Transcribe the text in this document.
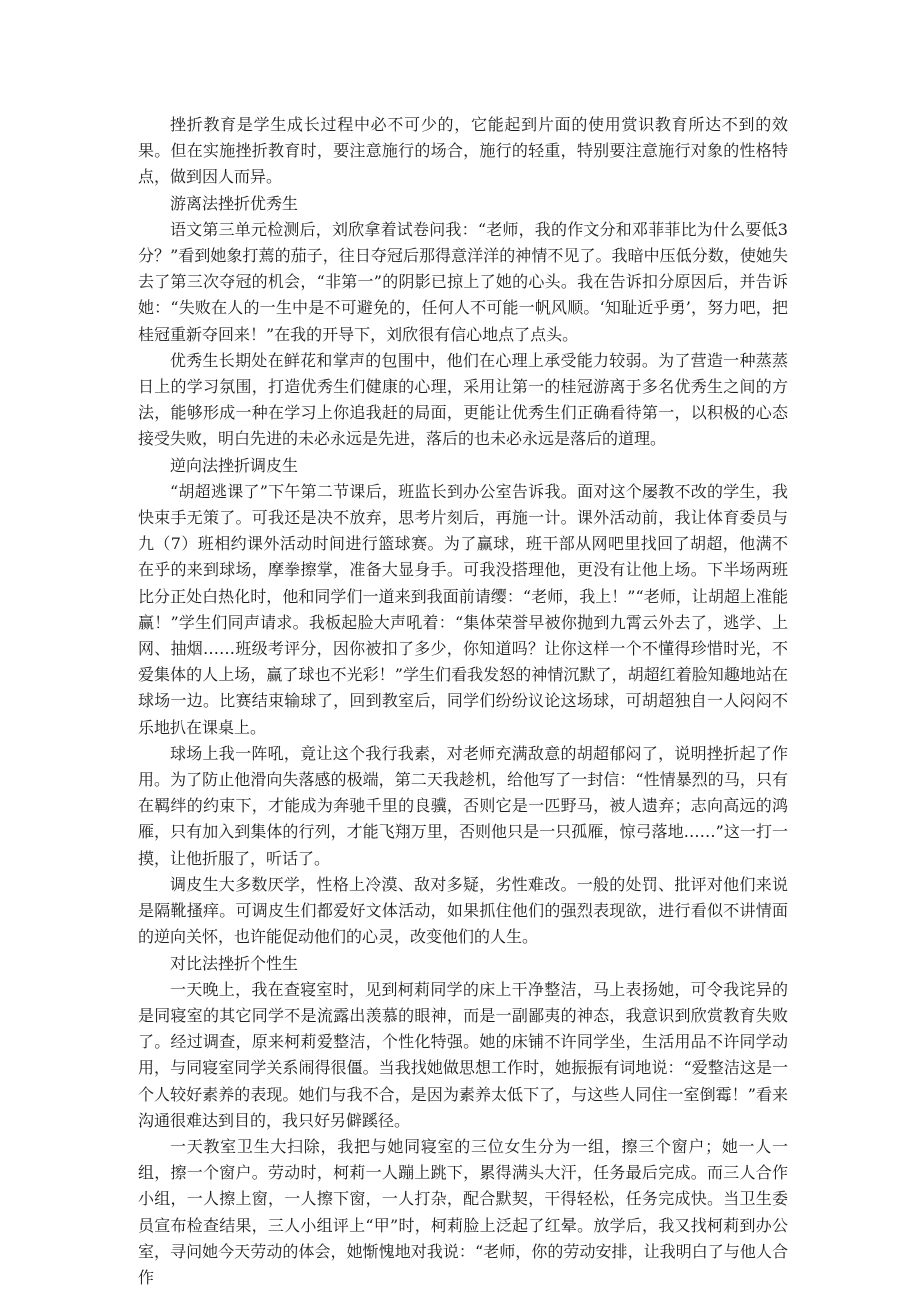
挫折教育是学生成长过程中必不可少的，它能起到片面的使用赏识教育所达不到的效果。但在实施挫折教育时，要注意施行的场合，施行的轻重，特别要注意施行对象的性格特点，做到因人而异。

游离法挫折优秀生

语文第三单元检测后，刘欣拿着试卷问我：“老师，我的作文分和邓菲菲比为什么要低3分？”看到她象打蔫的茄子，往日夺冠后那得意洋洋的神情不见了。我暗中压低分数，使她失去了第三次夺冠的机会，“非第一”的阴影已掠上了她的心头。我在告诉扣分原因后，并告诉她：“失败在人的一生中是不可避免的，任何人不可能一帆风顺。‘知耻近乎勇’，努力吧，把桂冠重新夺回来！”在我的开导下，刘欣很有信心地点了点头。

优秀生长期处在鲜花和掌声的包围中，他们在心理上承受能力较弱。为了营造一种蒸蒸日上的学习氛围，打造优秀生们健康的心理，采用让第一的桂冠游离于多名优秀生之间的方法，能够形成一种在学习上你追我赶的局面，更能让优秀生们正确看待第一，以积极的心态接受失败，明白先进的未必永远是先进，落后的也未必永远是落后的道理。

逆向法挫折调皮生

“胡超逃课了”下午第二节课后，班监长到办公室告诉我。面对这个屡教不改的学生，我快束手无策了。可我还是决不放弃，思考片刻后，再施一计。课外活动前，我让体育委员与九（7）班相约课外活动时间进行篮球赛。为了赢球，班干部从网吧里找回了胡超，他满不在乎的来到球场，摩拳擦掌，准备大显身手。可我没搭理他，更没有让他上场。下半场两班比分正处白热化时，他和同学们一道来到我面前请缨：“老师，我上！”“老师，让胡超上准能赢！”学生们同声请求。我板起脸大声吼着：“集体荣誉早被你抛到九霄云外去了，逃学、上网、抽烟……班级考评分，因你被扣了多少，你知道吗？让你这样一个不懂得珍惜时光，不爱集体的人上场，赢了球也不光彩！”学生们看我发怒的神情沉默了，胡超红着脸知趣地站在球场一边。比赛结束输球了，回到教室后，同学们纷纷议论这场球，可胡超独自一人闷闷不乐地扒在课桌上。

球场上我一阵吼，竟让这个我行我素，对老师充满敌意的胡超郁闷了，说明挫折起了作用。为了防止他滑向失落感的极端，第二天我趁机，给他写了一封信：“性情暴烈的马，只有在羁绊的约束下，才能成为奔驰千里的良骥，否则它是一匹野马，被人遗弃；志向高远的鸿雁，只有加入到集体的行列，才能飞翔万里，否则他只是一只孤雁，惊弓落地……”这一打一摸，让他折服了，听话了。

调皮生大多数厌学，性格上冷漠、敌对多疑，劣性难改。一般的处罚、批评对他们来说是隔靴搔痒。可调皮生们都爱好文体活动，如果抓住他们的强烈表现欲，进行看似不讲情面的逆向关怀，也许能促动他们的心灵，改变他们的人生。

对比法挫折个性生

一天晚上，我在查寝室时，见到柯莉同学的床上干净整洁，马上表扬她，可令我诧异的是同寝室的其它同学不是流露出羡慕的眼神，而是一副鄙夷的神态，我意识到欣赏教育失败了。经过调查，原来柯莉爱整洁，个性化特强。她的床铺不许同学坐，生活用品不许同学动用，与同寝室同学关系闹得很僵。当我找她做思想工作时，她振振有词地说：“爱整洁这是一个人较好素养的表现。她们与我不合，是因为素养太低下了，与这些人同住一室倒霉！”看来沟通很难达到目的，我只好另僻蹊径。

一天教室卫生大扫除，我把与她同寝室的三位女生分为一组，擦三个窗户；她一人一组，擦一个窗户。劳动时，柯莉一人蹦上跳下，累得满头大汗，任务最后完成。而三人合作小组，一人擦上窗，一人擦下窗，一人打杂，配合默契，干得轻松，任务完成快。当卫生委员宣布检查结果，三人小组评上“甲”时，柯莉脸上泛起了红晕。放学后，我又找柯莉到办公室，寻问她今天劳动的体会，她惭愧地对我说：“老师，你的劳动安排，让我明白了与他人合作
